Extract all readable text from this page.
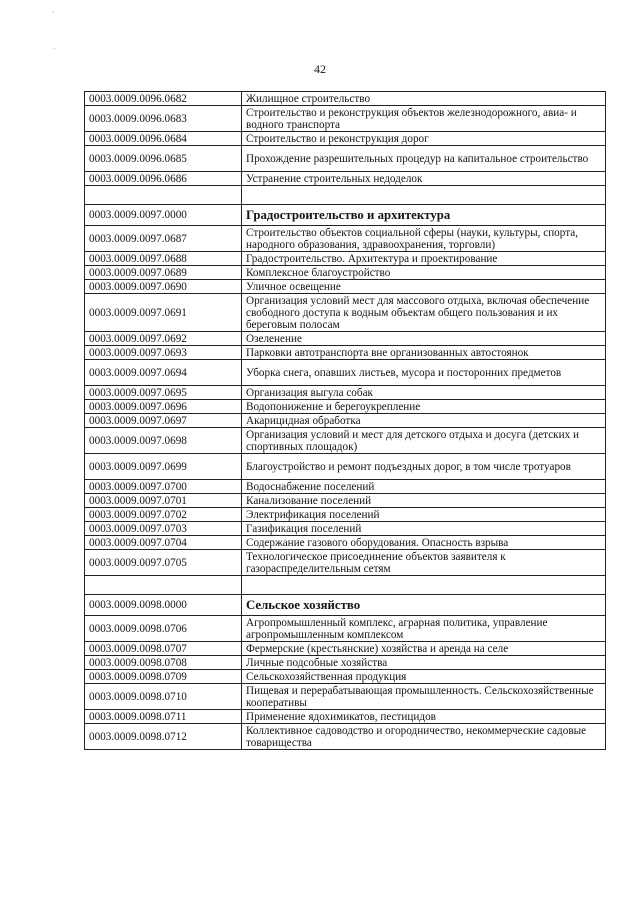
·
-
42
0003.0009.0096.0682	Жилищное строительство
0003.0009.0096.0683	Строительство и реконструкция объектов железнодорожного, авиа- и водного транспорта
0003.0009.0096.0684	Строительство и реконструкция дорог
0003.0009.0096.0685	Прохождение разрешительных процедур на капитальное строительство
0003.0009.0096.0686	Устранение строительных недоделок

0003.0009.0097.0000	Градостроительство и архитектура
0003.0009.0097.0687	Строительство объектов социальной сферы (науки, культуры, спорта, народного образования, здравоохранения, торговли)
0003.0009.0097.0688	Градостроительство. Архитектура и проектирование
0003.0009.0097.0689	Комплексное благоустройство
0003.0009.0097.0690	Уличное освещение
0003.0009.0097.0691	Организация условий мест для массового отдыха, включая обеспечение свободного доступа к водным объектам общего пользования и их береговым полосам
0003.0009.0097.0692	Озеленение
0003.0009.0097.0693	Парковки автотранспорта вне организованных автостоянок
0003.0009.0097.0694	Уборка снега, опавших листьев, мусора и посторонних предметов
0003.0009.0097.0695	Организация выгула собак
0003.0009.0097.0696	Водопонижение и берегоукрепление
0003.0009.0097.0697	Акарицидная обработка
0003.0009.0097.0698	Организация условий и мест для детского отдыха и досуга (детских и спортивных площадок)
0003.0009.0097.0699	Благоустройство и ремонт подъездных дорог, в том числе тротуаров
0003.0009.0097.0700	Водоснабжение поселений
0003.0009.0097.0701	Канализование поселений
0003.0009.0097.0702	Электрификация поселений
0003.0009.0097.0703	Газификация поселений
0003.0009.0097.0704	Содержание газового оборудования. Опасность взрыва
0003.0009.0097.0705	Технологическое присоединение объектов заявителя к газораспределительным сетям

0003.0009.0098.0000	Сельское хозяйство
0003.0009.0098.0706	Агропромышленный комплекс, аграрная политика, управление агропромышленным комплексом
0003.0009.0098.0707	Фермерские (крестьянские) хозяйства и аренда на селе
0003.0009.0098.0708	Личные подсобные хозяйства
0003.0009.0098.0709	Сельскохозяйственная продукция
0003.0009.0098.0710	Пищевая и перерабатывающая промышленность. Сельскохозяйственные кооперативы
0003.0009.0098.0711	Применение ядохимикатов, пестицидов
0003.0009.0098.0712	Коллективное садоводство и огородничество, некоммерческие садовые товарищества
